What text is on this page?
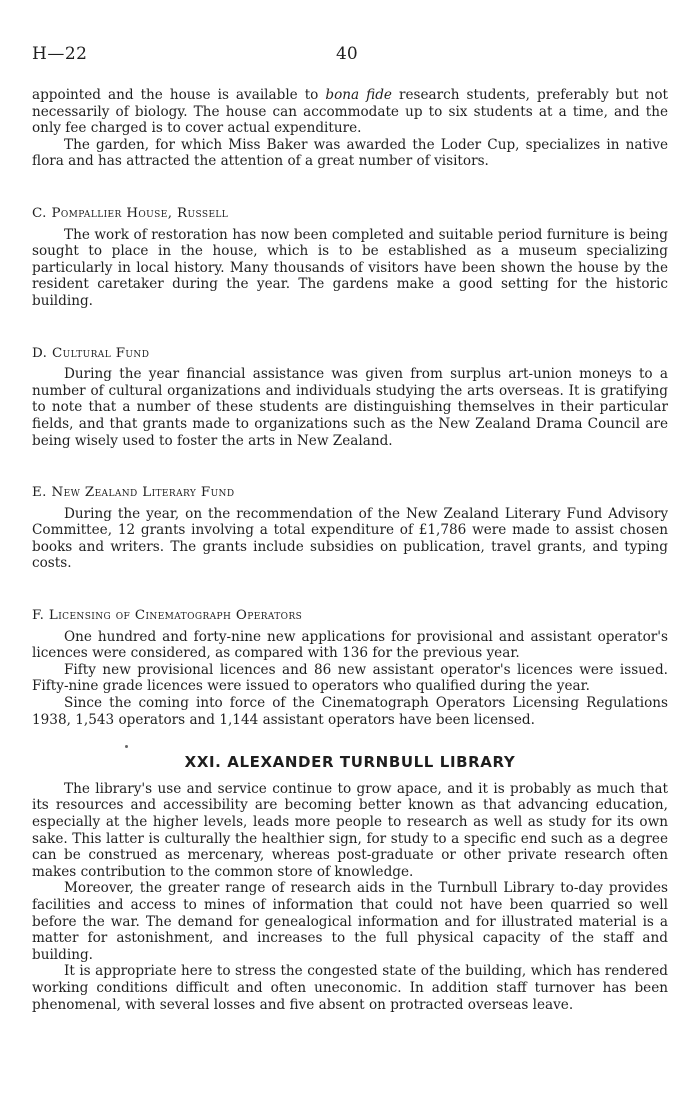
H—22	40

appointed and the house is available to bona fide research students, preferably but not necessarily of biology. The house can accommodate up to six students at a time, and the only fee charged is to cover actual expenditure.

The garden, for which Miss Baker was awarded the Loder Cup, specializes in native flora and has attracted the attention of a great number of visitors.

C. Pompallier House, Russell

The work of restoration has now been completed and suitable period furniture is being sought to place in the house, which is to be established as a museum specializing particularly in local history. Many thousands of visitors have been shown the house by the resident caretaker during the year. The gardens make a good setting for the historic building.

D. Cultural Fund

During the year financial assistance was given from surplus art-union moneys to a number of cultural organizations and individuals studying the arts overseas. It is gratifying to note that a number of these students are distinguishing themselves in their particular fields, and that grants made to organizations such as the New Zealand Drama Council are being wisely used to foster the arts in New Zealand.

E. New Zealand Literary Fund

During the year, on the recommendation of the New Zealand Literary Fund Advisory Committee, 12 grants involving a total expenditure of £1,786 were made to assist chosen books and writers. The grants include subsidies on publication, travel grants, and typing costs.

F. Licensing of Cinematograph Operators

One hundred and forty-nine new applications for provisional and assistant operator's licences were considered, as compared with 136 for the previous year.

Fifty new provisional licences and 86 new assistant operator's licences were issued. Fifty-nine grade licences were issued to operators who qualified during the year.

Since the coming into force of the Cinematograph Operators Licensing Regulations 1938, 1,543 operators and 1,144 assistant operators have been licensed.

XXI. ALEXANDER TURNBULL LIBRARY

The library's use and service continue to grow apace, and it is probably as much that its resources and accessibility are becoming better known as that advancing education, especially at the higher levels, leads more people to research as well as study for its own sake. This latter is culturally the healthier sign, for study to a specific end such as a degree can be construed as mercenary, whereas post-graduate or other private research often makes contribution to the common store of knowledge.

Moreover, the greater range of research aids in the Turnbull Library to-day provides facilities and access to mines of information that could not have been quarried so well before the war. The demand for genealogical information and for illustrated material is a matter for astonishment, and increases to the full physical capacity of the staff and building.

It is appropriate here to stress the congested state of the building, which has rendered working conditions difficult and often uneconomic. In addition staff turnover has been phenomenal, with several losses and five absent on protracted overseas leave.
